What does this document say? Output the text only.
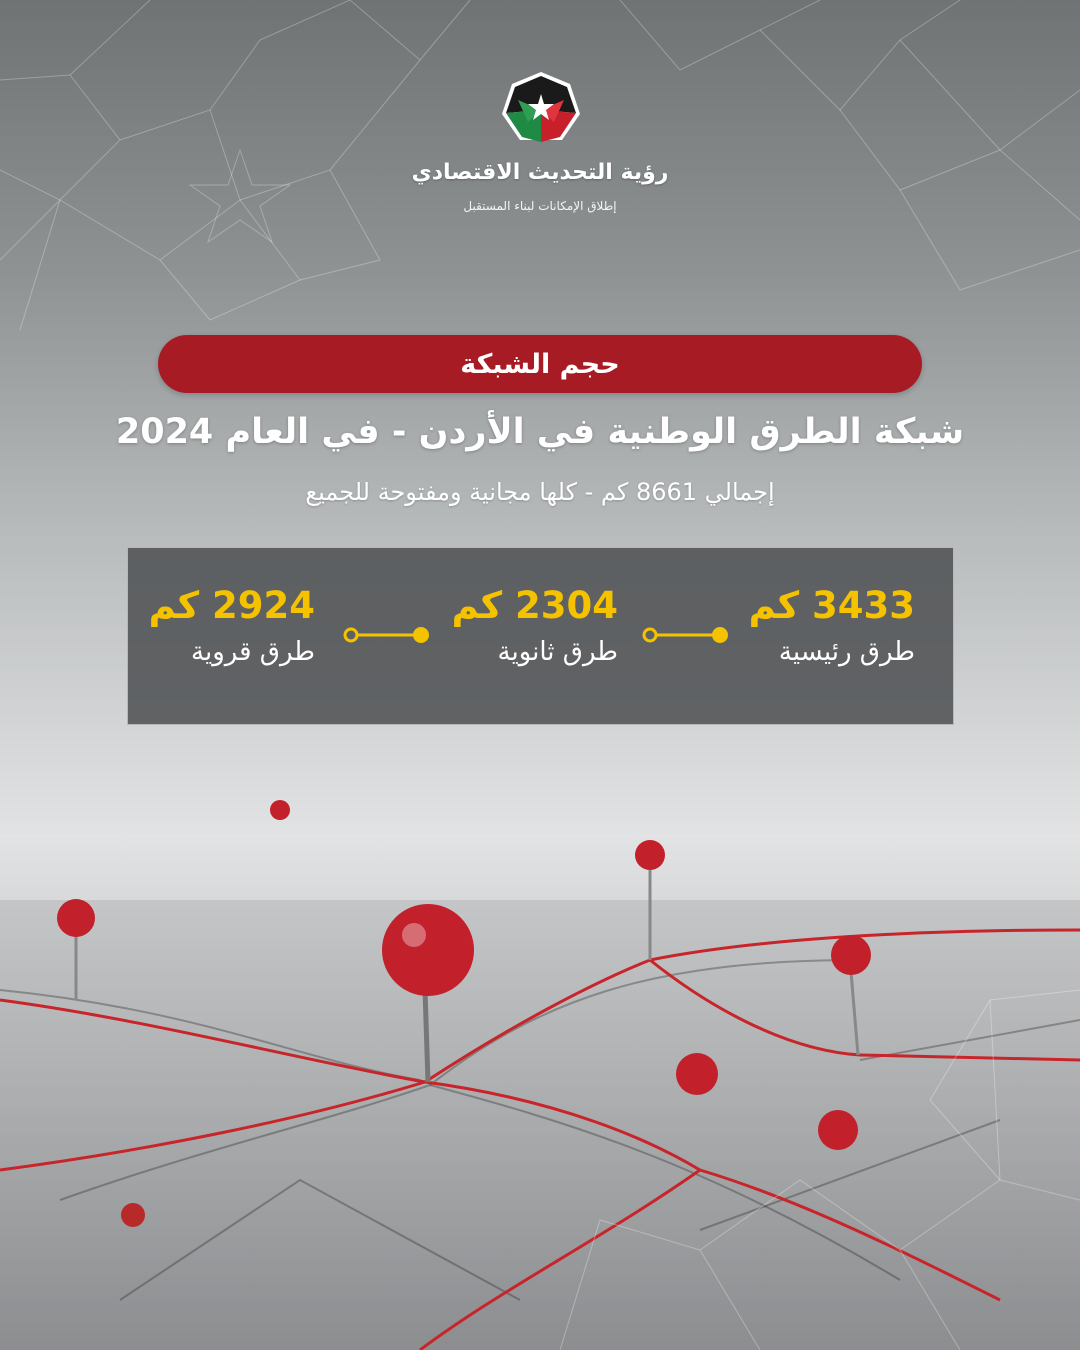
رؤية التحديث الاقتصادي
إطلاق الإمكانات لبناء المستقبل
حجم الشبكة
شبكة الطرق الوطنية في الأردن - في العام 2024
إجمالي 8661 كم - كلها مجانية ومفتوحة للجميع
3433 كم
طرق رئيسية
2304 كم
طرق ثانوية
2924 كم
طرق قروية
